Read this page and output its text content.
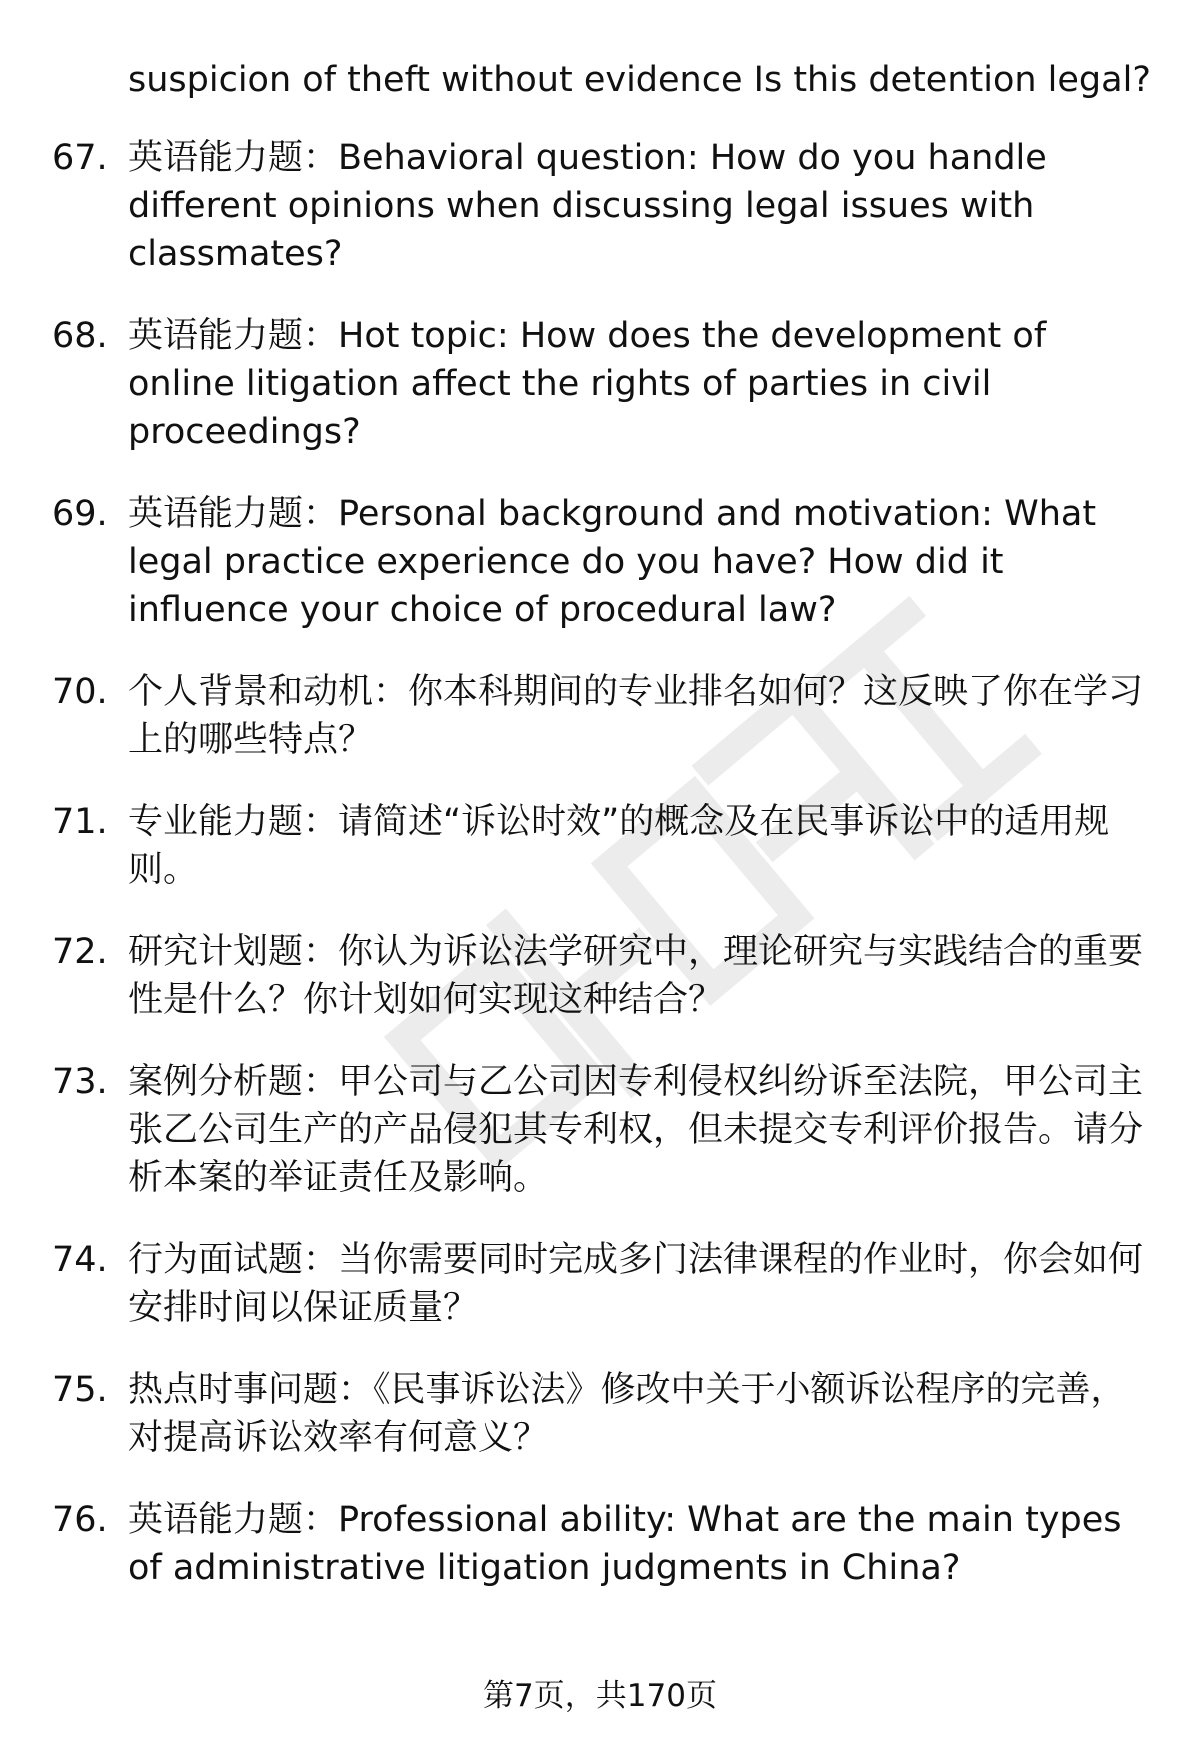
suspicion of theft without evidence Is this detention legal?
67. 英语能力题：Behavioral question: How do you handle different opinions when discussing legal issues with classmates?
68. 英语能力题：Hot topic: How does the development of online litigation affect the rights of parties in civil proceedings?
69. 英语能力题：Personal background and motivation: What legal practice experience do you have? How did it influence your choice of procedural law?
70. 个人背景和动机：你本科期间的专业排名如何？这反映了你在学习上的哪些特点？
71. 专业能力题：请简述“诉讼时效”的概念及在民事诉讼中的适用规则。
72. 研究计划题：你认为诉讼法学研究中，理论研究与实践结合的重要性是什么？你计划如何实现这种结合？
73. 案例分析题：甲公司与乙公司因专利侵权纠纷诉至法院，甲公司主张乙公司生产的产品侵犯其专利权，但未提交专利评价报告。请分析本案的举证责任及影响。
74. 行为面试题：当你需要同时完成多门法律课程的作业时，你会如何安排时间以保证质量？
75. 热点时事问题：《民事诉讼法》修改中关于小额诉讼程序的完善，对提高诉讼效率有何意义？
76. 英语能力题：Professional ability: What are the main types of administrative litigation judgments in China?
第7页，共170页
